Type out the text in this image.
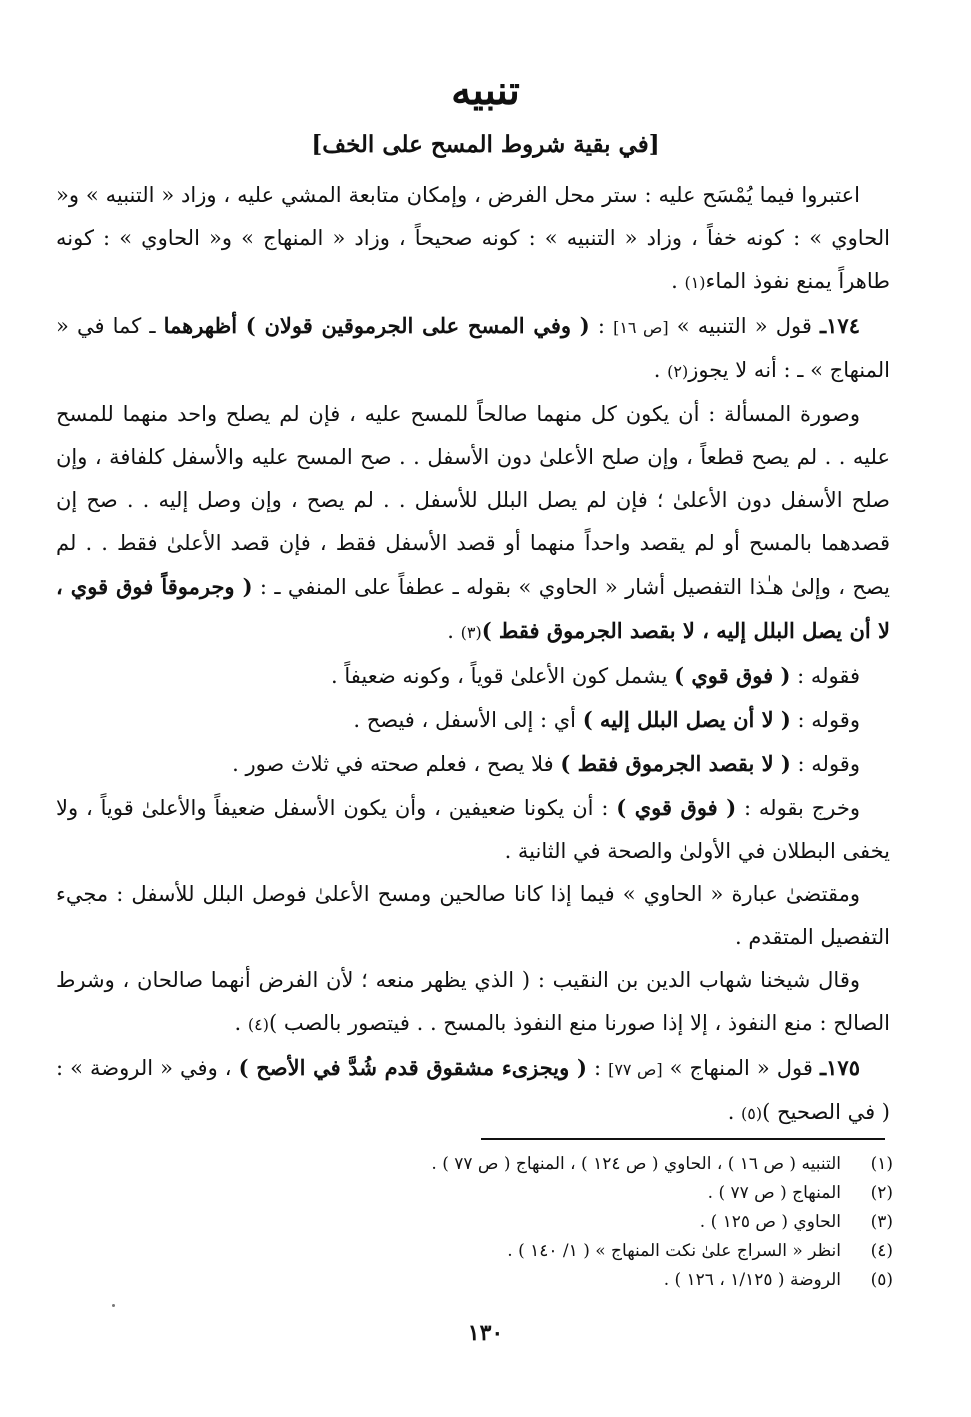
تنبيه
[في بقية شروط المسح على الخف]

اعتبروا فيما يُمْسَح عليه : ستر محل الفرض ، وإمكان متابعة المشي عليه ، وزاد « التنبيه » و« الحاوي » : كونه خفاً ، وزاد « التنبيه » : كونه صحيحاً ، وزاد « المنهاج » و« الحاوي » : كونه طاهراً يمنع نفوذ الماء(١) .

١٧٤ـ قول « التنبيه » [ص ١٦] : ( وفي المسح على الجرموقين قولان ) أظهرهما ـ كما في « المنهاج » ـ : أنه لا يجوز(٢) .

وصورة المسألة : أن يكون كل منهما صالحاً للمسح عليه ، فإن لم يصلح واحد منهما للمسح عليه . . لم يصح قطعاً ، وإن صلح الأعلىٰ دون الأسفل . . صح المسح عليه والأسفل كلفافة ، وإن صلح الأسفل دون الأعلىٰ ؛ فإن لم يصل البلل للأسفل . . لم يصح ، وإن وصل إليه . . صح إن قصدهما بالمسح أو لم يقصد واحداً منهما أو قصد الأسفل فقط ، فإن قصد الأعلىٰ فقط . . لم يصح ، وإلىٰ هـٰذا التفصيل أشار « الحاوي » بقوله ـ عطفاً على المنفي ـ : ( وجرموقاً فوق قوي ، لا أن يصل البلل إليه ، لا بقصد الجرموق فقط )(٣) .

فقوله : ( فوق قوي ) يشمل كون الأعلىٰ قوياً ، وكونه ضعيفاً .

وقوله : ( لا أن يصل البلل إليه ) أي : إلى الأسفل ، فيصح .

وقوله : ( لا بقصد الجرموق فقط ) فلا يصح ، فعلم صحته في ثلاث صور .

وخرج بقوله : ( فوق قوي ) : أن يكونا ضعيفين ، وأن يكون الأسفل ضعيفاً والأعلىٰ قوياً ، ولا يخفى البطلان في الأولىٰ والصحة في الثانية .

ومقتضىٰ عبارة « الحاوي » فيما إذا كانا صالحين ومسح الأعلىٰ فوصل البلل للأسفل : مجيء التفصيل المتقدم .

وقال شيخنا شهاب الدين بن النقيب : ( الذي يظهر منعه ؛ لأن الفرض أنهما صالحان ، وشرط الصالح : منع النفوذ ، إلا إذا صورنا منع النفوذ بالمسح . . فيتصور بالصب )(٤) .

١٧٥ـ قول « المنهاج » [ص ٧٧] : ( ويجزىء مشقوق قدم شُدَّ في الأصح ) ، وفي « الروضة » : ( في الصحيح )(٥) .

(١)
التنبيه ( ص ١٦ ) ، الحاوي ( ص ١٢٤ ) ، المنهاج ( ص ٧٧ ) .
(٢)
المنهاج ( ص ٧٧ ) .
(٣)
الحاوي ( ص ١٢٥ ) .
(٤)
انظر « السراج علىٰ نكت المنهاج » ( ١/ ١٤٠ ) .
(٥)
الروضة ( ١/١٢٥ ، ١٢٦ ) .
١٣٠
